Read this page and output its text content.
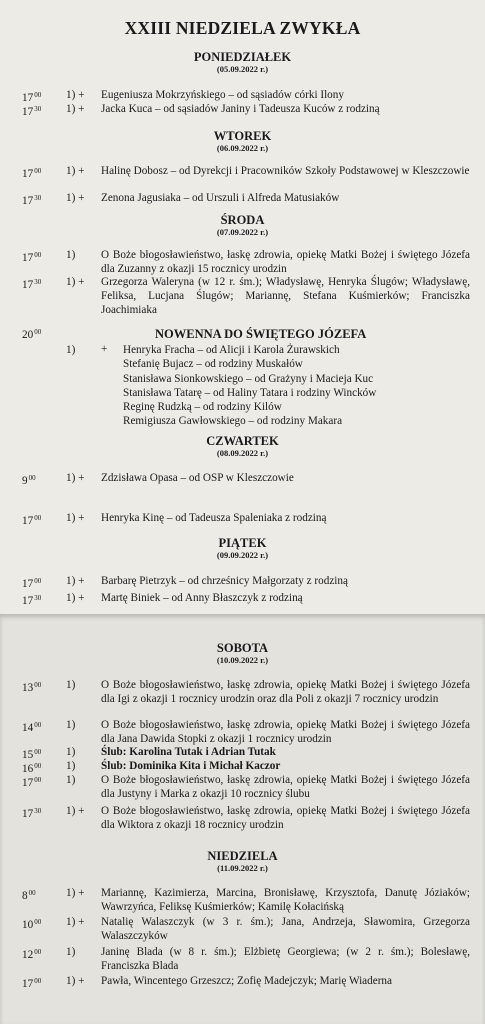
XXIII NIEDZIELA ZWYKŁA
PONIEDZIAŁEK
(05.09.2022 r.)
$17^{00}$ 1) + Eugeniusza Mokrzyńskiego – od sąsiadów córki Ilony
$17^{30}$ 1) + Jacka Kuca – od sąsiadów Janiny i Tadeusza Kuców z rodziną
WTOREK
(06.09.2022 r.)
$17^{00}$ 1) + Halinę Dobosz – od Dyrekcji i Pracowników Szkoły Podstawowej w Kleszczowie
$17^{30}$ 1) + Zenona Jagusiaka – od Urszuli i Alfreda Matusiaków
ŚRODA
(07.09.2022 r.)
$17^{00}$ 1) O Boże błogosławieństwo, łaskę zdrowia, opiekę Matki Bożej i świętego Józefa dla Zuzanny z okazji 15 rocznicy urodzin
$17^{30}$ 1) + Grzegorza Waleryna (w 12 r. śm.); Władysławę, Henryka Ślugów; Władysławę, Feliksa, Lucjana Ślugów; Mariannę, Stefana Kuśmierków; Franciszka Joachimiaka
$20^{00}$	NOWENNA DO ŚWIĘTEGO JÓZEFA
1) + Henryka Fracha – od Alicji i Karola Żurawskich
Stefanię Bujacz – od rodziny Muskałów
Stanisława Sionkowskiego – od Grażyny i Macieja Kuc
Stanisława Tatarę – od Haliny Tatara i rodziny Wincków
Reginę Rudzką – od rodziny Kilów
Remigiusza Gawłowskiego – od rodziny Makara
CZWARTEK
(08.09.2022 r.)
$9^{00}$	1) + Zdzisława Opasa – od OSP w Kleszczowie
$17^{00}$ 1) + Henryka Kinę – od Tadeusza Spaleniaka z rodziną
PIĄTEK
(09.09.2022 r.)
$17^{00}$ 1) + Barbarę Pietrzyk – od chrześnicy Małgorzaty z rodziną
$17^{30}$ 1) + Martę Biniek – od Anny Błaszczyk z rodziną
SOBOTA
(10.09.2022 r.)
$13^{00}$ 1) O Boże błogosławieństwo, łaskę zdrowia, opiekę Matki Bożej i świętego Józefa dla Igi z okazji 1 rocznicy urodzin oraz dla Poli z okazji 7 rocznicy urodzin
$14^{00}$ 1) O Boże błogosławieństwo, łaskę zdrowia, opiekę Matki Bożej i świętego Józefa dla Jana Dawida Stopki z okazji 1 rocznicy urodzin
$15^{00}$ 1) Ślub: Karolina Tutak i Adrian Tutak
$16^{00}$ 1) Ślub: Dominika Kita i Michał Kaczor
$17^{00}$ 1) O Boże błogosławieństwo, łaskę zdrowia, opiekę Matki Bożej i świętego Józefa dla Justyny i Marka z okazji 10 rocznicy ślubu
$17^{30}$ 1) + O Boże błogosławieństwo, łaskę zdrowia, opiekę Matki Bożej i świętego Józefa dla Wiktora z okazji 18 rocznicy urodzin
NIEDZIELA
(11.09.2022 r.)
$8^{00}$	1) + Mariannę, Kazimierza, Marcina, Bronisławę, Krzysztofa, Danutę Józiaków; Wawrzyńca, Feliksę Kuśmierków; Kamilę Kołacińską
$10^{00}$ 1) + Natalię Walaszczyk (w 3 r. śm.); Jana, Andrzeja, Sławomira, Grzegorza Walaszczyków
$12^{00}$ 1) Janinę Blada (w 8 r. śm.); Elżbietę Georgiewa; (w 2 r. śm.); Bolesławę, Franciszka Blada
$17^{00}$ 1) + Pawła, Wincentego Grzeszcz; Zofię Madejczyk; Marię Wiaderna
